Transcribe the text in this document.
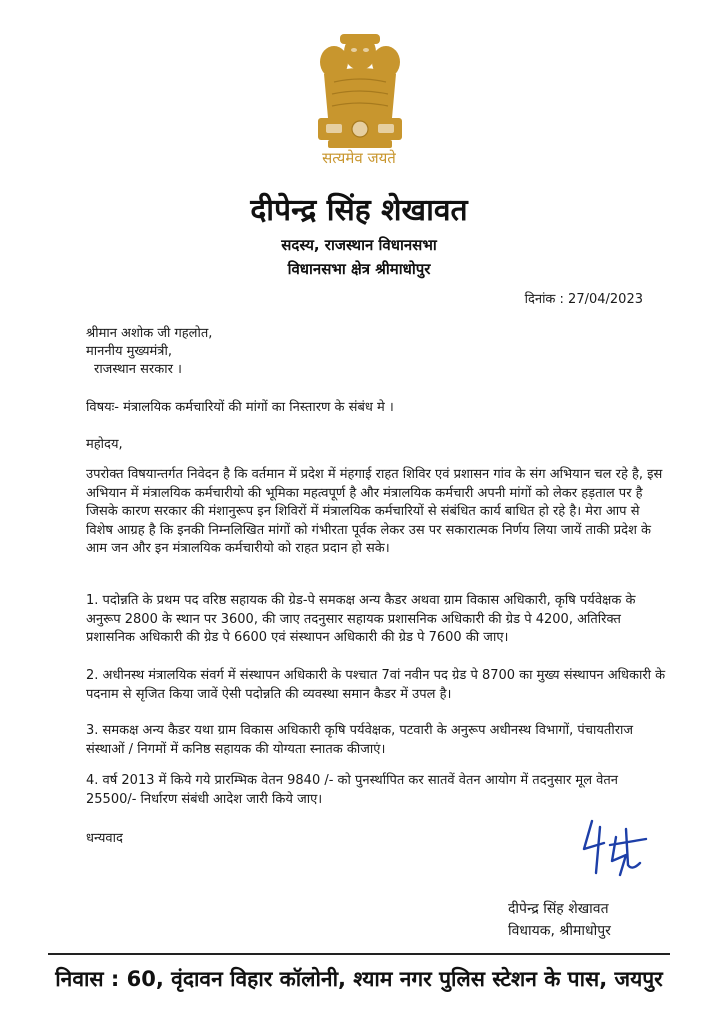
सत्यमेव जयते
दीपेन्द्र सिंह शेखावत
सदस्य, राजस्थान विधानसभा
विधानसभा क्षेत्र श्रीमाधोपुर
दिनांक : 27/04/2023
श्रीमान अशोक जी गहलोत,
माननीय मुख्यमंत्री,
राजस्थान सरकार ।
विषयः- मंत्रालयिक कर्मचारियों की मांगों का निस्तारण के संबंध मे ।
महोदय,
उपरोक्त विषयान्तर्गत निवेदन है कि वर्तमान में प्रदेश में मंहगाई राहत शिविर एवं प्रशासन गांव के संग अभियान चल रहे है, इस अभियान में मंत्रालयिक कर्मचारीयो की भूमिका महत्वपूर्ण है और मंत्रालयिक कर्मचारी अपनी मांगों को लेकर हड़ताल पर है जिसके कारण सरकार की मंशानुरूप इन शिविरों में मंत्रालयिक कर्मचारियों से संबंधित कार्य बाधित हो रहे है। मेरा आप से विशेष आग्रह है कि इनकी निम्नलिखित मांगों को गंभीरता पूर्वक लेकर उस पर सकारात्मक निर्णय लिया जायें ताकी प्रदेश के आम जन और इन मंत्रालयिक कर्मचारीयो को राहत प्रदान हो सके।
1. पदोन्नति के प्रथम पद वरिष्ठ सहायक की ग्रेड-पे समकक्ष अन्य कैडर अथवा ग्राम विकास अधिकारी, कृषि पर्यवेक्षक के अनुरूप 2800 के स्थान पर 3600, की जाए तदनुसार सहायक प्रशासनिक अधिकारी की ग्रेड पे 4200, अतिरिक्त प्रशासनिक अधिकारी की ग्रेड पे 6600 एवं संस्थापन अधिकारी की ग्रेड पे 7600 की जाए।
2. अधीनस्थ मंत्रालयिक संवर्ग में संस्थापन अधिकारी के पश्चात 7वां नवीन पद ग्रेड पे 8700 का मुख्य संस्थापन अधिकारी के पदनाम से सृजित किया जावें ऐसी पदोन्नति की व्यवस्था समान कैडर में उपल है।
3. समकक्ष अन्य कैडर यथा ग्राम विकास अधिकारी कृषि पर्यवेक्षक, पटवारी के अनुरूप अधीनस्थ विभागों, पंचायतीराज संस्थाओं / निगमों में कनिष्ठ सहायक की योग्यता स्नातक कीजाएं।
4. वर्ष 2013 में किये गये प्रारम्भिक वेतन 9840 /- को पुनर्स्थापित कर सातवें वेतन आयोग में तदनुसार मूल वेतन 25500/- निर्धारण संबंधी आदेश जारी किये जाए।
धन्यवाद
दीपेन्द्र सिंह शेखावत
विधायक, श्रीमाधोपुर
निवास : 60, वृंदावन विहार कॉलोनी, श्याम नगर पुलिस स्टेशन के पास, जयपुर
